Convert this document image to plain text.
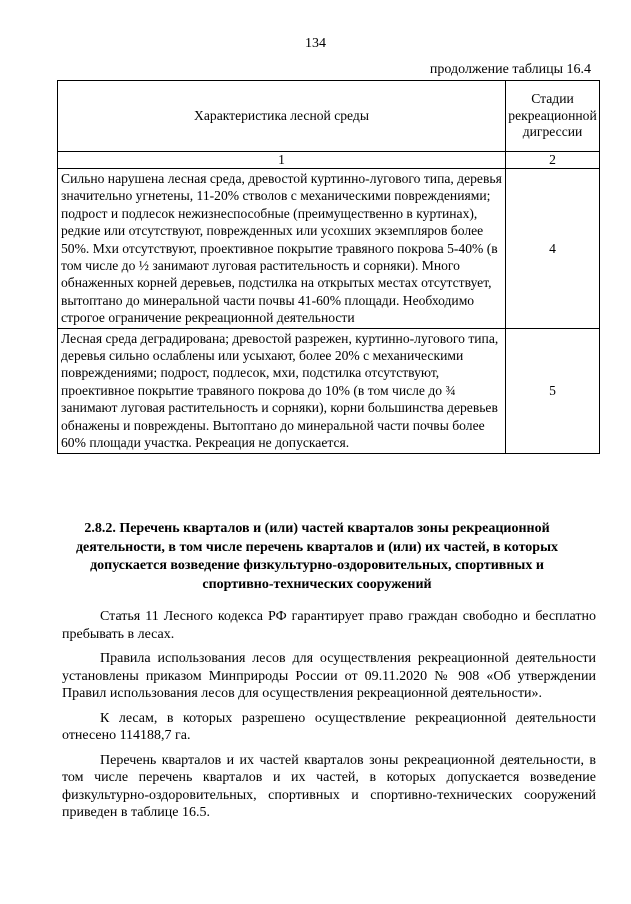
134
продолжение таблицы 16.4
Характеристика лесной среды	Стадии рекреационной дигрессии
1	2
Сильно нарушена лесная среда, древостой куртинно-лугового типа, деревья значительно угнетены, 11-20% стволов с механическими повреждениями; подрост и подлесок нежизнеспособные (преимущественно в куртинах), редкие или отсутствуют, поврежденных или усохших экземпляров более 50%. Мхи отсутствуют, проективное покрытие травяного покрова 5-40% (в том числе до ½ занимают луговая растительность и сорняки). Много обнаженных корней деревьев, подстилка на открытых местах отсутствует, вытоптано до минеральной части почвы 41-60% площади. Необходимо строгое ограничение рекреационной деятельности	4
Лесная среда деградирована; древостой разрежен, куртинно-лугового типа, деревья сильно ослаблены или усыхают, более 20% с механическими повреждениями; подрост, подлесок, мхи, подстилка отсутствуют, проективное покрытие травяного покрова до 10% (в том числе до ¾ занимают луговая растительность и сорняки), корни большинства деревьев обнажены и повреждены. Вытоптано до минеральной части почвы более 60% площади участка. Рекреация не допускается.	5
2.8.2. Перечень кварталов и (или) частей кварталов зоны рекреационной деятельности, в том числе перечень кварталов и (или) их частей, в которых допускается возведение физкультурно-оздоровительных, спортивных и спортивно-технических сооружений

Статья 11 Лесного кодекса РФ гарантирует право граждан свободно и бесплатно пребывать в лесах.

Правила использования лесов для осуществления рекреационной деятельности установлены приказом Минприроды России от 09.11.2020 № 908 «Об утверждении Правил использования лесов для осуществления рекреационной деятельности».

К лесам, в которых разрешено осуществление рекреационной деятельности отнесено 114188,7 га.

Перечень кварталов и их частей кварталов зоны рекреационной деятельности, в том числе перечень кварталов и их частей, в которых допускается возведение физкультурно-оздоровительных, спортивных и спортивно-технических сооружений приведен в таблице 16.5.
